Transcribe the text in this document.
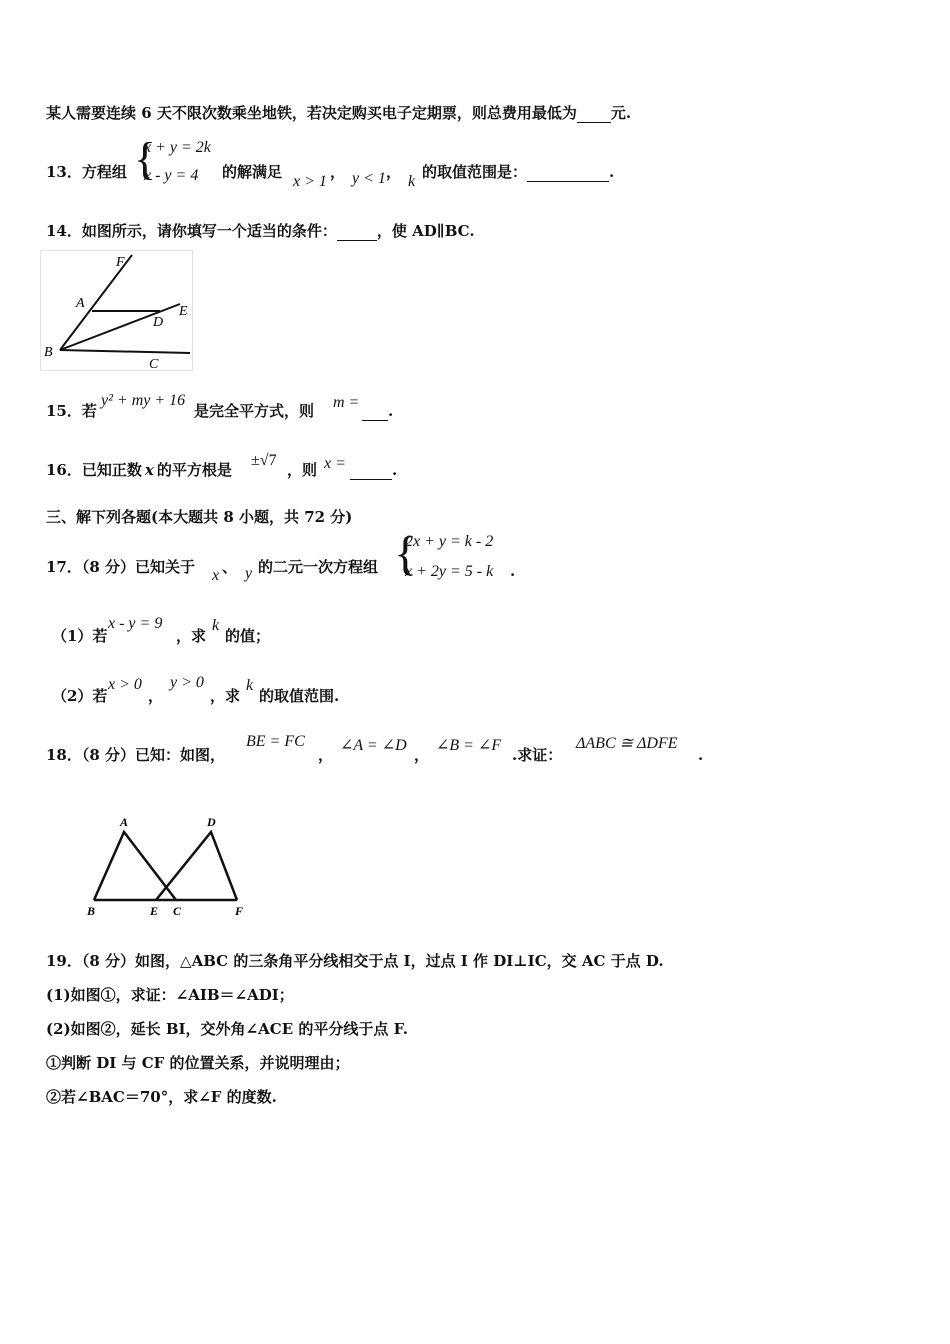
某人需要连续 6 天不限次数乘坐地铁，若决定购买电子定期票，则总费用最低为 元.
13．方程组 {
x + y = 2k
x - y = 4 的解满足
x > 1
， y < 1 ，
k
的取值范围是：	.
14．如图所示，请你填写一个适当的条件：	，使 AD∥BC.
F
A
E
D
B
C
15．若
y² + my + 16
是完全平方式，则 m =	.
16．已知正数 x 的平方根是
±√7
，则 x =	.
三、解下列各题(本大题共 8 小题，共 72 分)
17．（8 分）已知关于 x 、 y 的二元一次方程组 {
2x + y = k - 2
x + 2y = 5 - k .
（1）若
x - y = 9
，求
k
的值；
（2）若
x > 0
，
y > 0
，求
k
的取值范围.
18．（8 分）已知：如图，
BE = FC
，
∠A = ∠D
，
∠B = ∠F
.求证：
ΔABC ≅ ΔDFE
.
A	D
B	E C	F
19．（8 分）如图，△ABC 的三条角平分线相交于点 I，过点 I 作 DI⊥IC，交 AC 于点 D.
(1)如图①，求证：∠AIB＝∠ADI；
(2)如图②，延长 BI，交外角∠ACE 的平分线于点 F.
①判断 DI 与 CF 的位置关系，并说明理由；
②若∠BAC＝70°，求∠F 的度数.
